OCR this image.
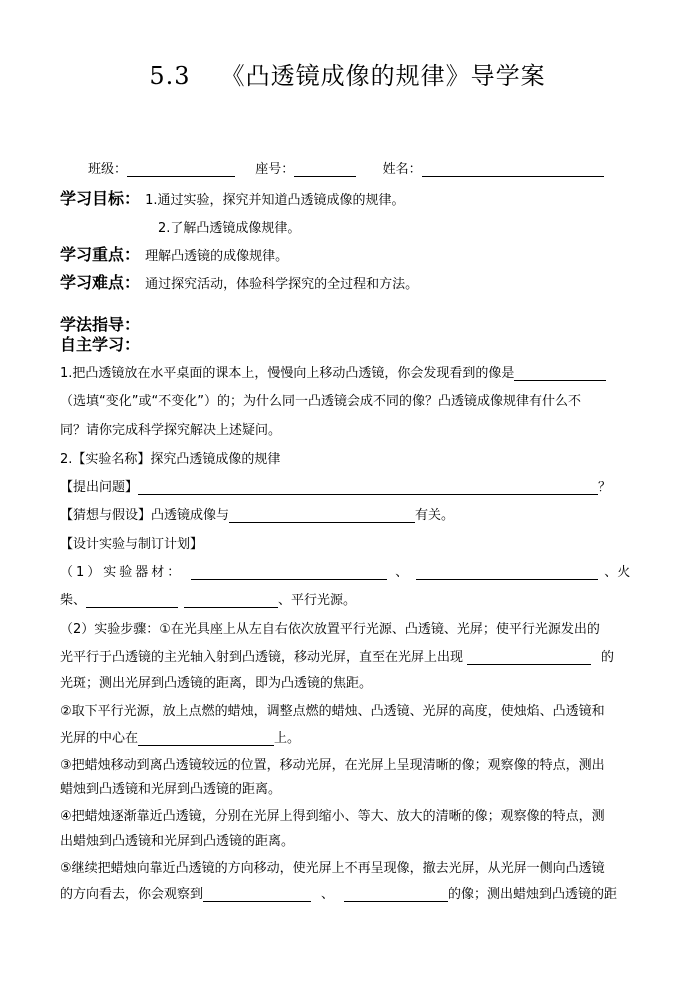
5.3 《凸透镜成像的规律》导学案
班级：	座号：	姓名：
学习目标： 1.通过实验，探究并知道凸透镜成像的规律。
2.了解凸透镜成像规律。
学习重点： 理解凸透镜的成像规律。
学习难点： 通过探究活动，体验科学探究的全过程和方法。
学法指导：
自主学习：
1.把凸透镜放在水平桌面的课本上，慢慢向上移动凸透镜，你会发现看到的像是
（选填“变化”或“不变化”）的；为什么同一凸透镜会成不同的像？凸透镜成像规律有什么不
同？请你完成科学探究解决上述疑问。
2.【实验名称】探究凸透镜成像的规律
【提出问题】	？
【猜想与假设】凸透镜成像与	有关。
【设计实验与制订计划】
（1）实验器材：	、	、火
柴、	、平行光源。
（2）实验步骤：①在光具座上从左自右依次放置平行光源、凸透镜、光屏；使平行光源发出的
光平行于凸透镜的主光轴入射到凸透镜，移动光屏，直至在光屏上出现	的
光斑；测出光屏到凸透镜的距离，即为凸透镜的焦距。
②取下平行光源，放上点燃的蜡烛，调整点燃的蜡烛、凸透镜、光屏的高度，使烛焰、凸透镜和
光屏的中心在	上。
③把蜡烛移动到离凸透镜较远的位置，移动光屏，在光屏上呈现清晰的像；观察像的特点，测出
蜡烛到凸透镜和光屏到凸透镜的距离。
④把蜡烛逐渐靠近凸透镜，分别在光屏上得到缩小、等大、放大的清晰的像；观察像的特点，测
出蜡烛到凸透镜和光屏到凸透镜的距离。
⑤继续把蜡烛向靠近凸透镜的方向移动，使光屏上不再呈现像，撤去光屏，从光屏一侧向凸透镜
的方向看去，你会观察到	、	的像；测出蜡烛到凸透镜的距
